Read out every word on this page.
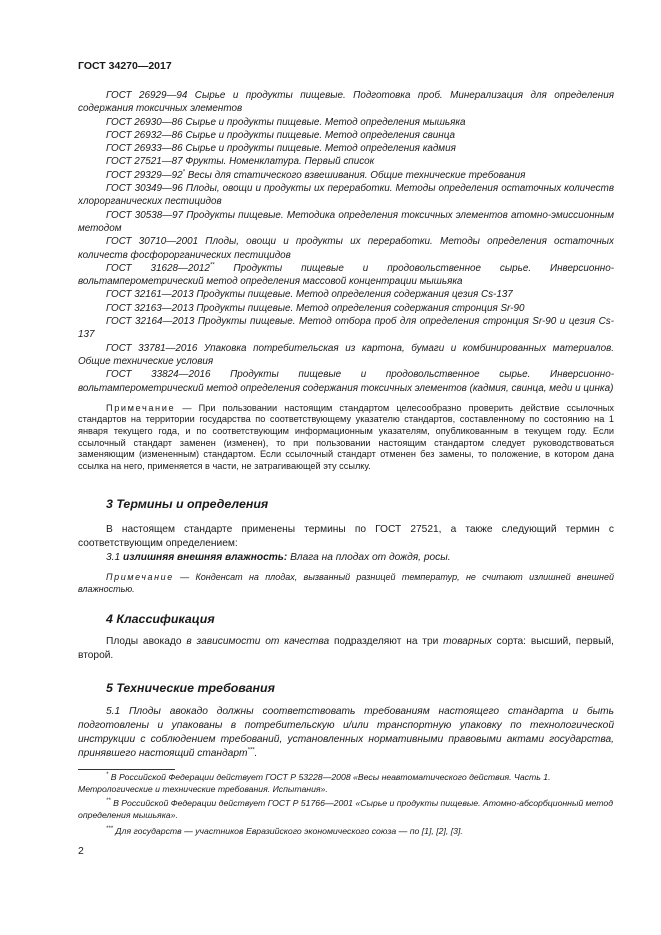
ГОСТ 34270—2017

ГОСТ 26929—94 Сырье и продукты пищевые. Подготовка проб. Минерализация для определения содержания токсичных элементов

ГОСТ 26930—86 Сырье и продукты пищевые. Метод определения мышьяка

ГОСТ 26932—86 Сырье и продукты пищевые. Метод определения свинца

ГОСТ 26933—86 Сырье и продукты пищевые. Метод определения кадмия

ГОСТ 27521—87 Фрукты. Номенклатура. Первый список

ГОСТ 29329—92* Весы для статического взвешивания. Общие технические требования

ГОСТ 30349—96 Плоды, овощи и продукты их переработки. Методы определения остаточных количеств хлорорганических пестицидов

ГОСТ 30538—97 Продукты пищевые. Методика определения токсичных элементов атомно-эмиссионным методом

ГОСТ 30710—2001 Плоды, овощи и продукты их переработки. Методы определения остаточных количеств фосфорорганических пестицидов

ГОСТ 31628—2012** Продукты пищевые и продовольственное сырье. Инверсионно-вольтамперометрический метод определения массовой концентрации мышьяка

ГОСТ 32161—2013 Продукты пищевые. Метод определения содержания цезия Cs-137

ГОСТ 32163—2013 Продукты пищевые. Метод определения содержания стронция Sr-90

ГОСТ 32164—2013 Продукты пищевые. Метод отбора проб для определения стронция Sr-90 и цезия Cs-137

ГОСТ 33781—2016 Упаковка потребительская из картона, бумаги и комбинированных материалов. Общие технические условия

ГОСТ 33824—2016 Продукты пищевые и продовольственное сырье. Инверсионно-вольтамперометрический метод определения содержания токсичных элементов (кадмия, свинца, меди и цинка)

Примечание — При пользовании настоящим стандартом целесообразно проверить действие ссылочных стандартов на территории государства по соответствующему указателю стандартов, составленному по состоянию на 1 января текущего года, и по соответствующим информационным указателям, опубликованным в текущем году. Если ссылочный стандарт заменен (изменен), то при пользовании настоящим стандартом следует руководствоваться заменяющим (измененным) стандартом. Если ссылочный стандарт отменен без замены, то положение, в котором дана ссылка на него, применяется в части, не затрагивающей эту ссылку.

3 Термины и определения

В настоящем стандарте применены термины по ГОСТ 27521, а также следующий термин с соответствующим определением:

3.1 излишняя внешняя влажность: Влага на плодах от дождя, росы.

Примечание — Конденсат на плодах, вызванный разницей температур, не считают излишней внешней влажностью.

4 Классификация

Плоды авокадо в зависимости от качества подразделяют на три товарных сорта: высший, первый, второй.

5 Технические требования

5.1 Плоды авокадо должны соответствовать требованиям настоящего стандарта и быть подготовлены и упакованы в потребительскую и/или транспортную упаковку по технологической инструкции с соблюдением требований, установленных нормативными правовыми актами государства, принявшего настоящий стандарт***.

* В Российской Федерации действует ГОСТ Р 53228—2008 «Весы неавтоматического действия. Часть 1. Метрологические и технические требования. Испытания».

** В Российской Федерации действует ГОСТ Р 51766—2001 «Сырье и продукты пищевые. Атомно-абсорбционный метод определения мышьяка».

*** Для государств — участников Евразийского экономического союза — по [1], [2], [3].

2
